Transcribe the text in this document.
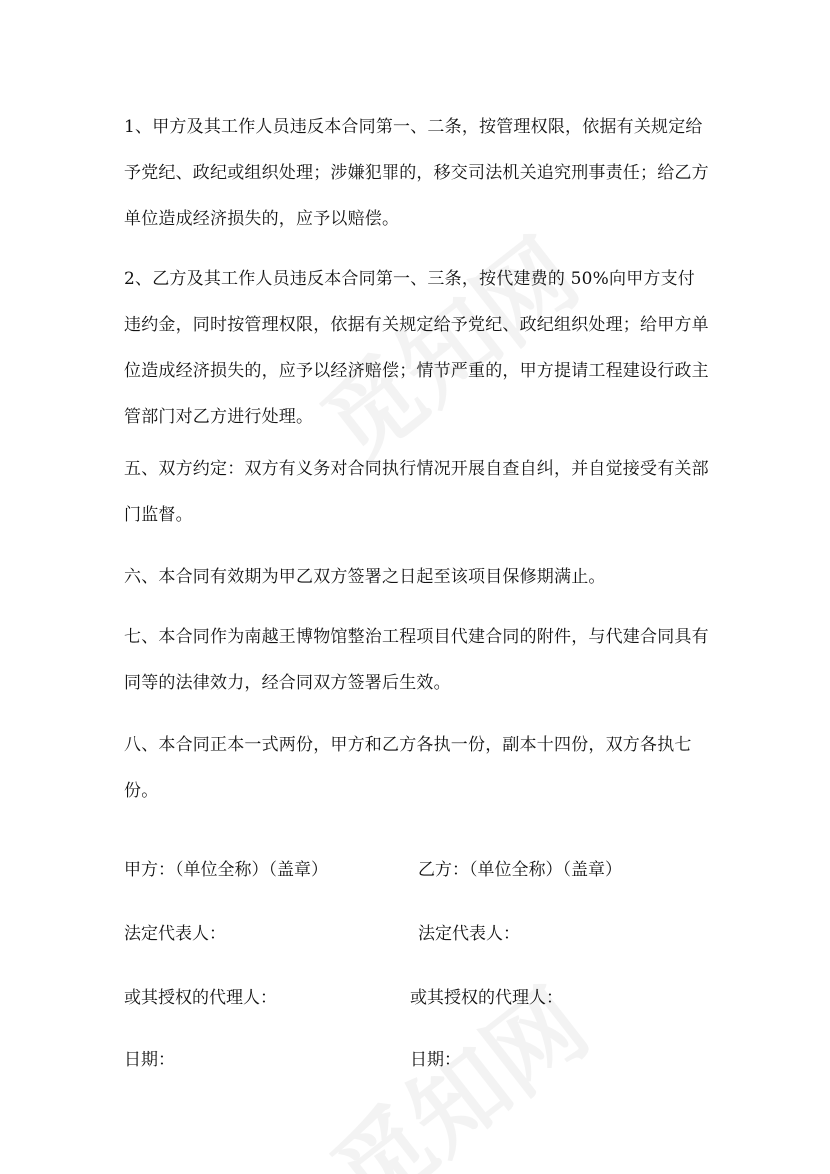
1、甲方及其工作人员违反本合同第一、二条，按管理权限，依据有关规定给予党纪、政纪或组织处理；涉嫌犯罪的，移交司法机关追究刑事责任；给乙方单位造成经济损失的，应予以赔偿。

2、乙方及其工作人员违反本合同第一、三条，按代建费的 50%向甲方支付违约金，同时按管理权限，依据有关规定给予党纪、政纪组织处理；给甲方单位造成经济损失的，应予以经济赔偿；情节严重的，甲方提请工程建设行政主管部门对乙方进行处理。

五、双方约定：双方有义务对合同执行情况开展自查自纠，并自觉接受有关部门监督。

六、本合同有效期为甲乙双方签署之日起至该项目保修期满止。

七、本合同作为南越王博物馆整治工程项目代建合同的附件，与代建合同具有同等的法律效力，经合同双方签署后生效。

八、本合同正本一式两份，甲方和乙方各执一份，副本十四份，双方各执七份。

甲方：（单位全称）（盖章）	乙方：（单位全称）（盖章）
法定代表人：	法定代表人：
或其授权的代理人：	或其授权的代理人：
日期：	日期：
